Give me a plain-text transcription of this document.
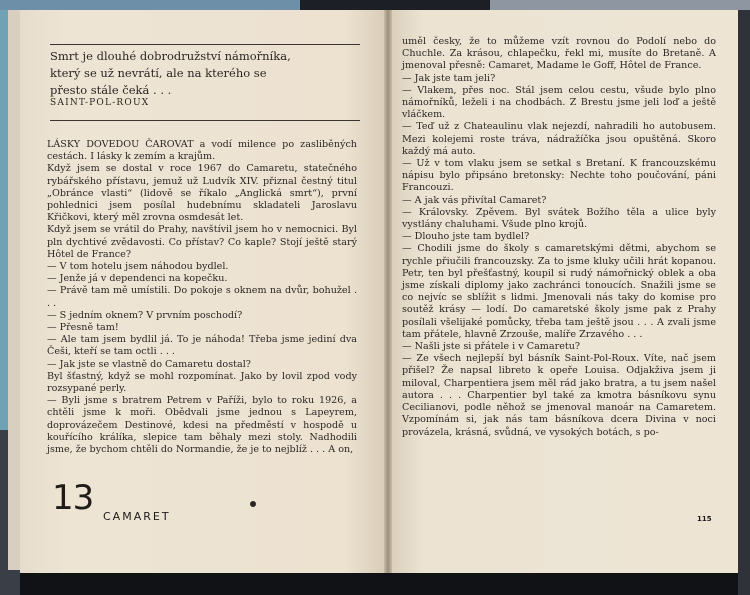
Smrt je dlouhé dobrodružství námořníka,
který se už nevrátí, ale na kterého se
přesto stále čeká . . .
SAINT-POL-ROUX

LÁSKY DOVEDOU ČAROVAT a vodí milence po zasliběných cestách. I lásky k zemím a krajům.

Když jsem se dostal v roce 1967 do Camaretu, statečného rybářského přístavu, jemuž už Ludvík XIV. přiznal čestný titul „Obránce vlasti“ (lidově se říkalo „Anglická smrt“), první pohlednici jsem posílal hudebnímu skladateli Jaroslavu Křičkovi, který měl zrovna osmdesát let.

Když jsem se vrátil do Prahy, navštívil jsem ho v nemocnici. Byl pln dychtivé zvědavosti. Co přístav? Co kaple? Stojí ještě starý Hôtel de France?

— V tom hotelu jsem náhodou bydlel.

— Jenže já v dependenci na kopečku.

— Právě tam mě umístili. Do pokoje s oknem na dvůr, bohužel . . .

— S jedním oknem? V prvním poschodí?

— Přesně tam!

— Ale tam jsem bydlil já. To je náhoda! Třeba jsme jediní dva Češi, kteří se tam octli . . .

— Jak jste se vlastně do Camaretu dostal?

Byl šťastný, když se mohl rozpomínat. Jako by lovil zpod vody rozsypané perly.

— Byli jsme s bratrem Petrem v Paříži, bylo to roku 1926, a chtěli jsme k moři. Obědvali jsme jednou s Lapeyrem, doprovázečem Destinové, kdesi na předměstí v hospodě u kouřícího králíka, slepice tam běhaly mezi stoly. Nadhodili jsme, že bychom chtěli do Normandie, že je to nejblíž . . . A on,

13 CAMARET

uměl česky, že to můžeme vzít rovnou do Podolí nebo do Chuchle. Za krásou, chlapečku, řekl mi, musíte do Bretaně. A jmenoval přesně: Camaret, Madame le Goff, Hôtel de France.

— Jak jste tam jeli?

— Vlakem, přes noc. Stál jsem celou cestu, všude bylo plno námořníků, leželi i na chodbách. Z Brestu jsme jeli loď a ještě vláčkem.

— Teď už z Chateaulinu vlak nejezdí, nahradili ho autobusem. Mezi kolejemi roste tráva, nádražíčka jsou opuštěná. Skoro každý má auto.

— Už v tom vlaku jsem se setkal s Bretaní. K francouzskému nápisu bylo připsáno bretonsky: Nechte toho poučování, páni Francouzi.

— A jak vás přivítal Camaret?

— Královsky. Zpěvem. Byl svátek Božího těla a ulice byly vystlány chaluhami. Všude plno krojů.

— Dlouho jste tam bydlel?

— Chodili jsme do školy s camaretskými dětmi, abychom se rychle přiučili francouzsky. Za to jsme kluky učili hrát kopanou. Petr, ten byl přešťastný, koupil si rudý námořnický oblek a oba jsme získali diplomy jako zachránci tonoucích. Snažili jsme se co nejvíc se sblížit s lidmi. Jmenovali nás taky do komise pro soutěž krásy — lodí. Do camaretské školy jsme pak z Prahy posílali všelijaké pomůcky, třeba tam ještě jsou . . . A zvali jsme tam přátele, hlavně Zrzouše, malíře Zrzavého . . .

— Našli jste si přátele i v Camaretu?

— Ze všech nejlepší byl básník Saint-Pol-Roux. Víte, nač jsem přišel? Že napsal libreto k opeře Louisa. Odjakživa jsem ji miloval, Charpentiera jsem měl rád jako bratra, a tu jsem našel autora . . . Charpentier byl také za kmotra básníkovu synu Cecilianovi, podle něhož se jmenoval manoár na Camaretem. Vzpomínám si, jak nás tam básníkova dcera Divina v noci provázela, krásná, svůdná, ve vysokých botách, s po-

115
